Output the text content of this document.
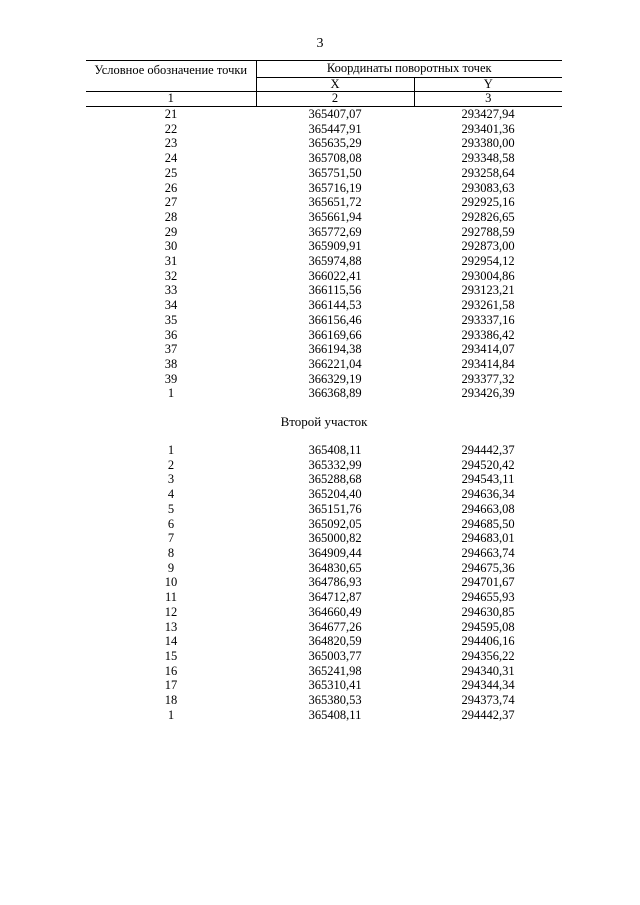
3
Условное обозначение точки	Координаты поворотных точек	
	X	Y
1	2	3
21	365407,07	293427,94
22	365447,91	293401,36
23	365635,29	293380,00
24	365708,08	293348,58
25	365751,50	293258,64
26	365716,19	293083,63
27	365651,72	292925,16
28	365661,94	292826,65
29	365772,69	292788,59
30	365909,91	292873,00
31	365974,88	292954,12
32	366022,41	293004,86
33	366115,56	293123,21
34	366144,53	293261,58
35	366156,46	293337,16
36	366169,66	293386,42
37	366194,38	293414,07
38	366221,04	293414,84
39	366329,19	293377,32
1	366368,89	293426,39
Второй участок		
1	365408,11	294442,37
2	365332,99	294520,42
3	365288,68	294543,11
4	365204,40	294636,34
5	365151,76	294663,08
6	365092,05	294685,50
7	365000,82	294683,01
8	364909,44	294663,74
9	364830,65	294675,36
10	364786,93	294701,67
11	364712,87	294655,93
12	364660,49	294630,85
13	364677,26	294595,08
14	364820,59	294406,16
15	365003,77	294356,22
16	365241,98	294340,31
17	365310,41	294344,34
18	365380,53	294373,74
1	365408,11	294442,37
